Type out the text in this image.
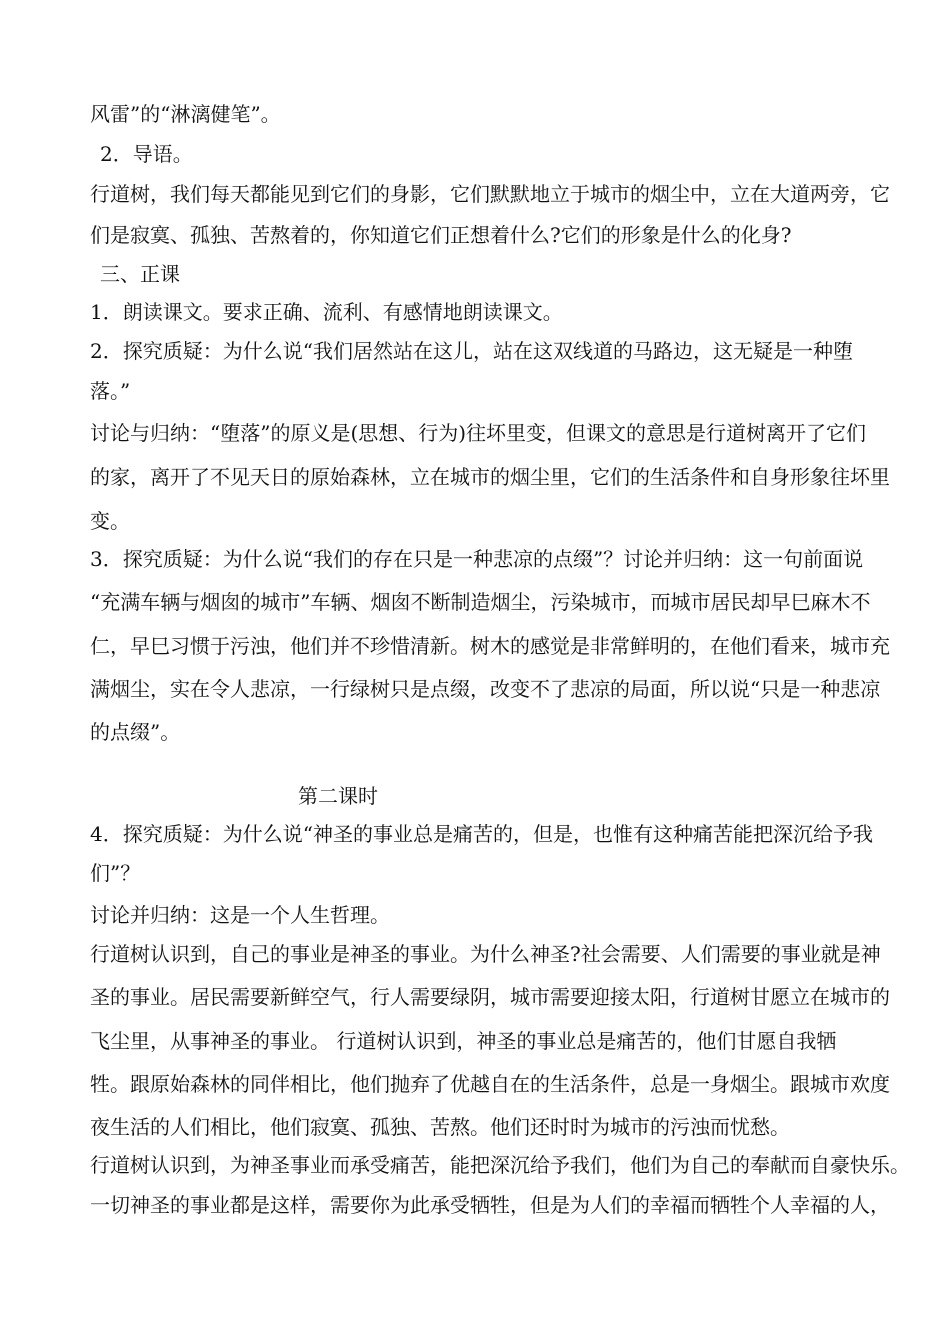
风雷”的“淋漓健笔”。
2．导语。
行道树，我们每天都能见到它们的身影，它们默默地立于城市的烟尘中，立在大道两旁，它
们是寂寞、孤独、苦熬着的，你知道它们正想着什么?它们的形象是什么的化身?
三、正课
1．朗读课文。要求正确、流利、有感情地朗读课文。
2．探究质疑：为什么说“我们居然站在这儿，站在这双线道的马路边，这无疑是一种堕
落。”
讨论与归纳：“堕落”的原义是(思想、行为)往坏里变，但课文的意思是行道树离开了它们
的家，离开了不见天日的原始森林，立在城市的烟尘里，它们的生活条件和自身形象往坏里
变。
3．探究质疑：为什么说“我们的存在只是一种悲凉的点缀”？讨论并归纳：这一句前面说
“充满车辆与烟囱的城市”车辆、烟囱不断制造烟尘，污染城市，而城市居民却早巳麻木不
仁，早巳习惯于污浊，他们并不珍惜清新。树木的感觉是非常鲜明的，在他们看来，城市充
满烟尘，实在令人悲凉，一行绿树只是点缀，改变不了悲凉的局面，所以说“只是一种悲凉
的点缀”。
第二课时
4．探究质疑：为什么说“神圣的事业总是痛苦的，但是，也惟有这种痛苦能把深沉给予我
们”？
讨论并归纳：这是一个人生哲理。
行道树认识到，自己的事业是神圣的事业。为什么神圣?社会需要、人们需要的事业就是神
圣的事业。居民需要新鲜空气，行人需要绿阴，城市需要迎接太阳，行道树甘愿立在城市的
飞尘里，从事神圣的事业。 行道树认识到，神圣的事业总是痛苦的，他们甘愿自我牺
牲。跟原始森林的同伴相比，他们抛弃了优越自在的生活条件，总是一身烟尘。跟城市欢度
夜生活的人们相比，他们寂寞、孤独、苦熬。他们还时时为城市的污浊而忧愁。
行道树认识到，为神圣事业而承受痛苦，能把深沉给予我们，他们为自己的奉献而自豪快乐。
一切神圣的事业都是这样，需要你为此承受牺牲，但是为人们的幸福而牺牲个人幸福的人，
